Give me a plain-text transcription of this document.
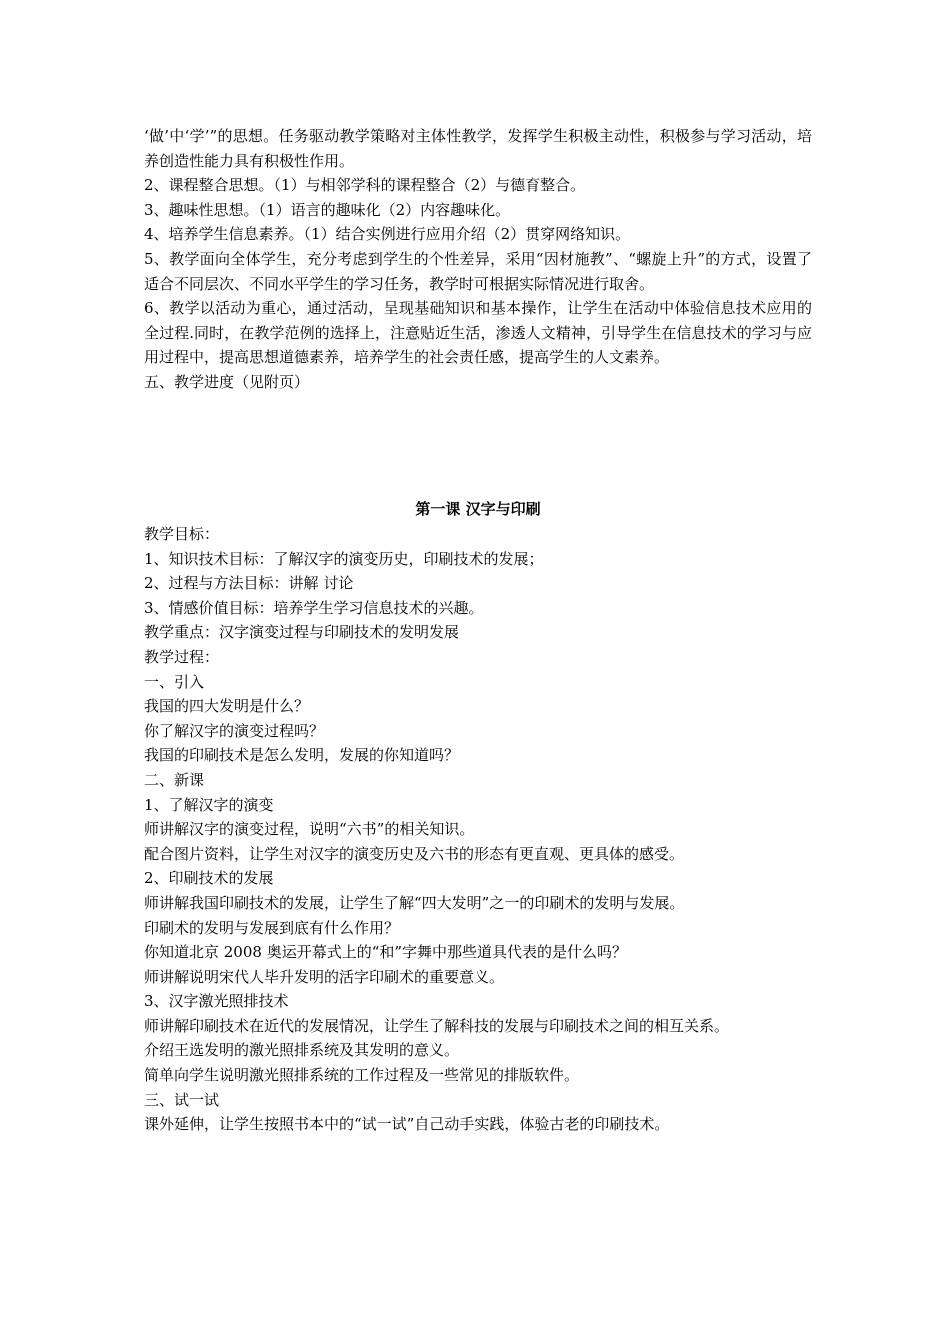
‘做’中‘学’”的思想。任务驱动教学策略对主体性教学，发挥学生积极主动性，积极参与学习活动，培养创造性能力具有积极性作用。

2、课程整合思想。（1）与相邻学科的课程整合（2）与德育整合。

3、趣味性思想。（1）语言的趣味化（2）内容趣味化。

4、培养学生信息素养。（1）结合实例进行应用介绍（2）贯穿网络知识。

5、教学面向全体学生，充分考虑到学生的个性差异，采用“因材施教”、“螺旋上升”的方式，设置了适合不同层次、不同水平学生的学习任务，教学时可根据实际情况进行取舍。

6、教学以活动为重心，通过活动，呈现基础知识和基本操作，让学生在活动中体验信息技术应用的全过程.同时，在教学范例的选择上，注意贴近生活，渗透人文精神，引导学生在信息技术的学习与应用过程中，提高思想道德素养，培养学生的社会责任感，提高学生的人文素养。

五、教学进度（见附页）

第一课 汉字与印刷

教学目标：

1、知识技术目标：了解汉字的演变历史，印刷技术的发展；

2、过程与方法目标：讲解 讨论

3、情感价值目标：培养学生学习信息技术的兴趣。

教学重点：汉字演变过程与印刷技术的发明发展

教学过程：

一、引入

我国的四大发明是什么？

你了解汉字的演变过程吗？

我国的印刷技术是怎么发明，发展的你知道吗？

二、新课

1、了解汉字的演变

师讲解汉字的演变过程，说明“六书”的相关知识。

配合图片资料，让学生对汉字的演变历史及六书的形态有更直观、更具体的感受。

2、印刷技术的发展

师讲解我国印刷技术的发展，让学生了解“四大发明”之一的印刷术的发明与发展。

印刷术的发明与发展到底有什么作用？

你知道北京 2008 奥运开幕式上的“和”字舞中那些道具代表的是什么吗？

师讲解说明宋代人毕升发明的活字印刷术的重要意义。

3、汉字激光照排技术

师讲解印刷技术在近代的发展情况，让学生了解科技的发展与印刷技术之间的相互关系。

介绍王选发明的激光照排系统及其发明的意义。

简单向学生说明激光照排系统的工作过程及一些常见的排版软件。

三、试一试

课外延伸，让学生按照书本中的“试一试”自己动手实践，体验古老的印刷技术。
